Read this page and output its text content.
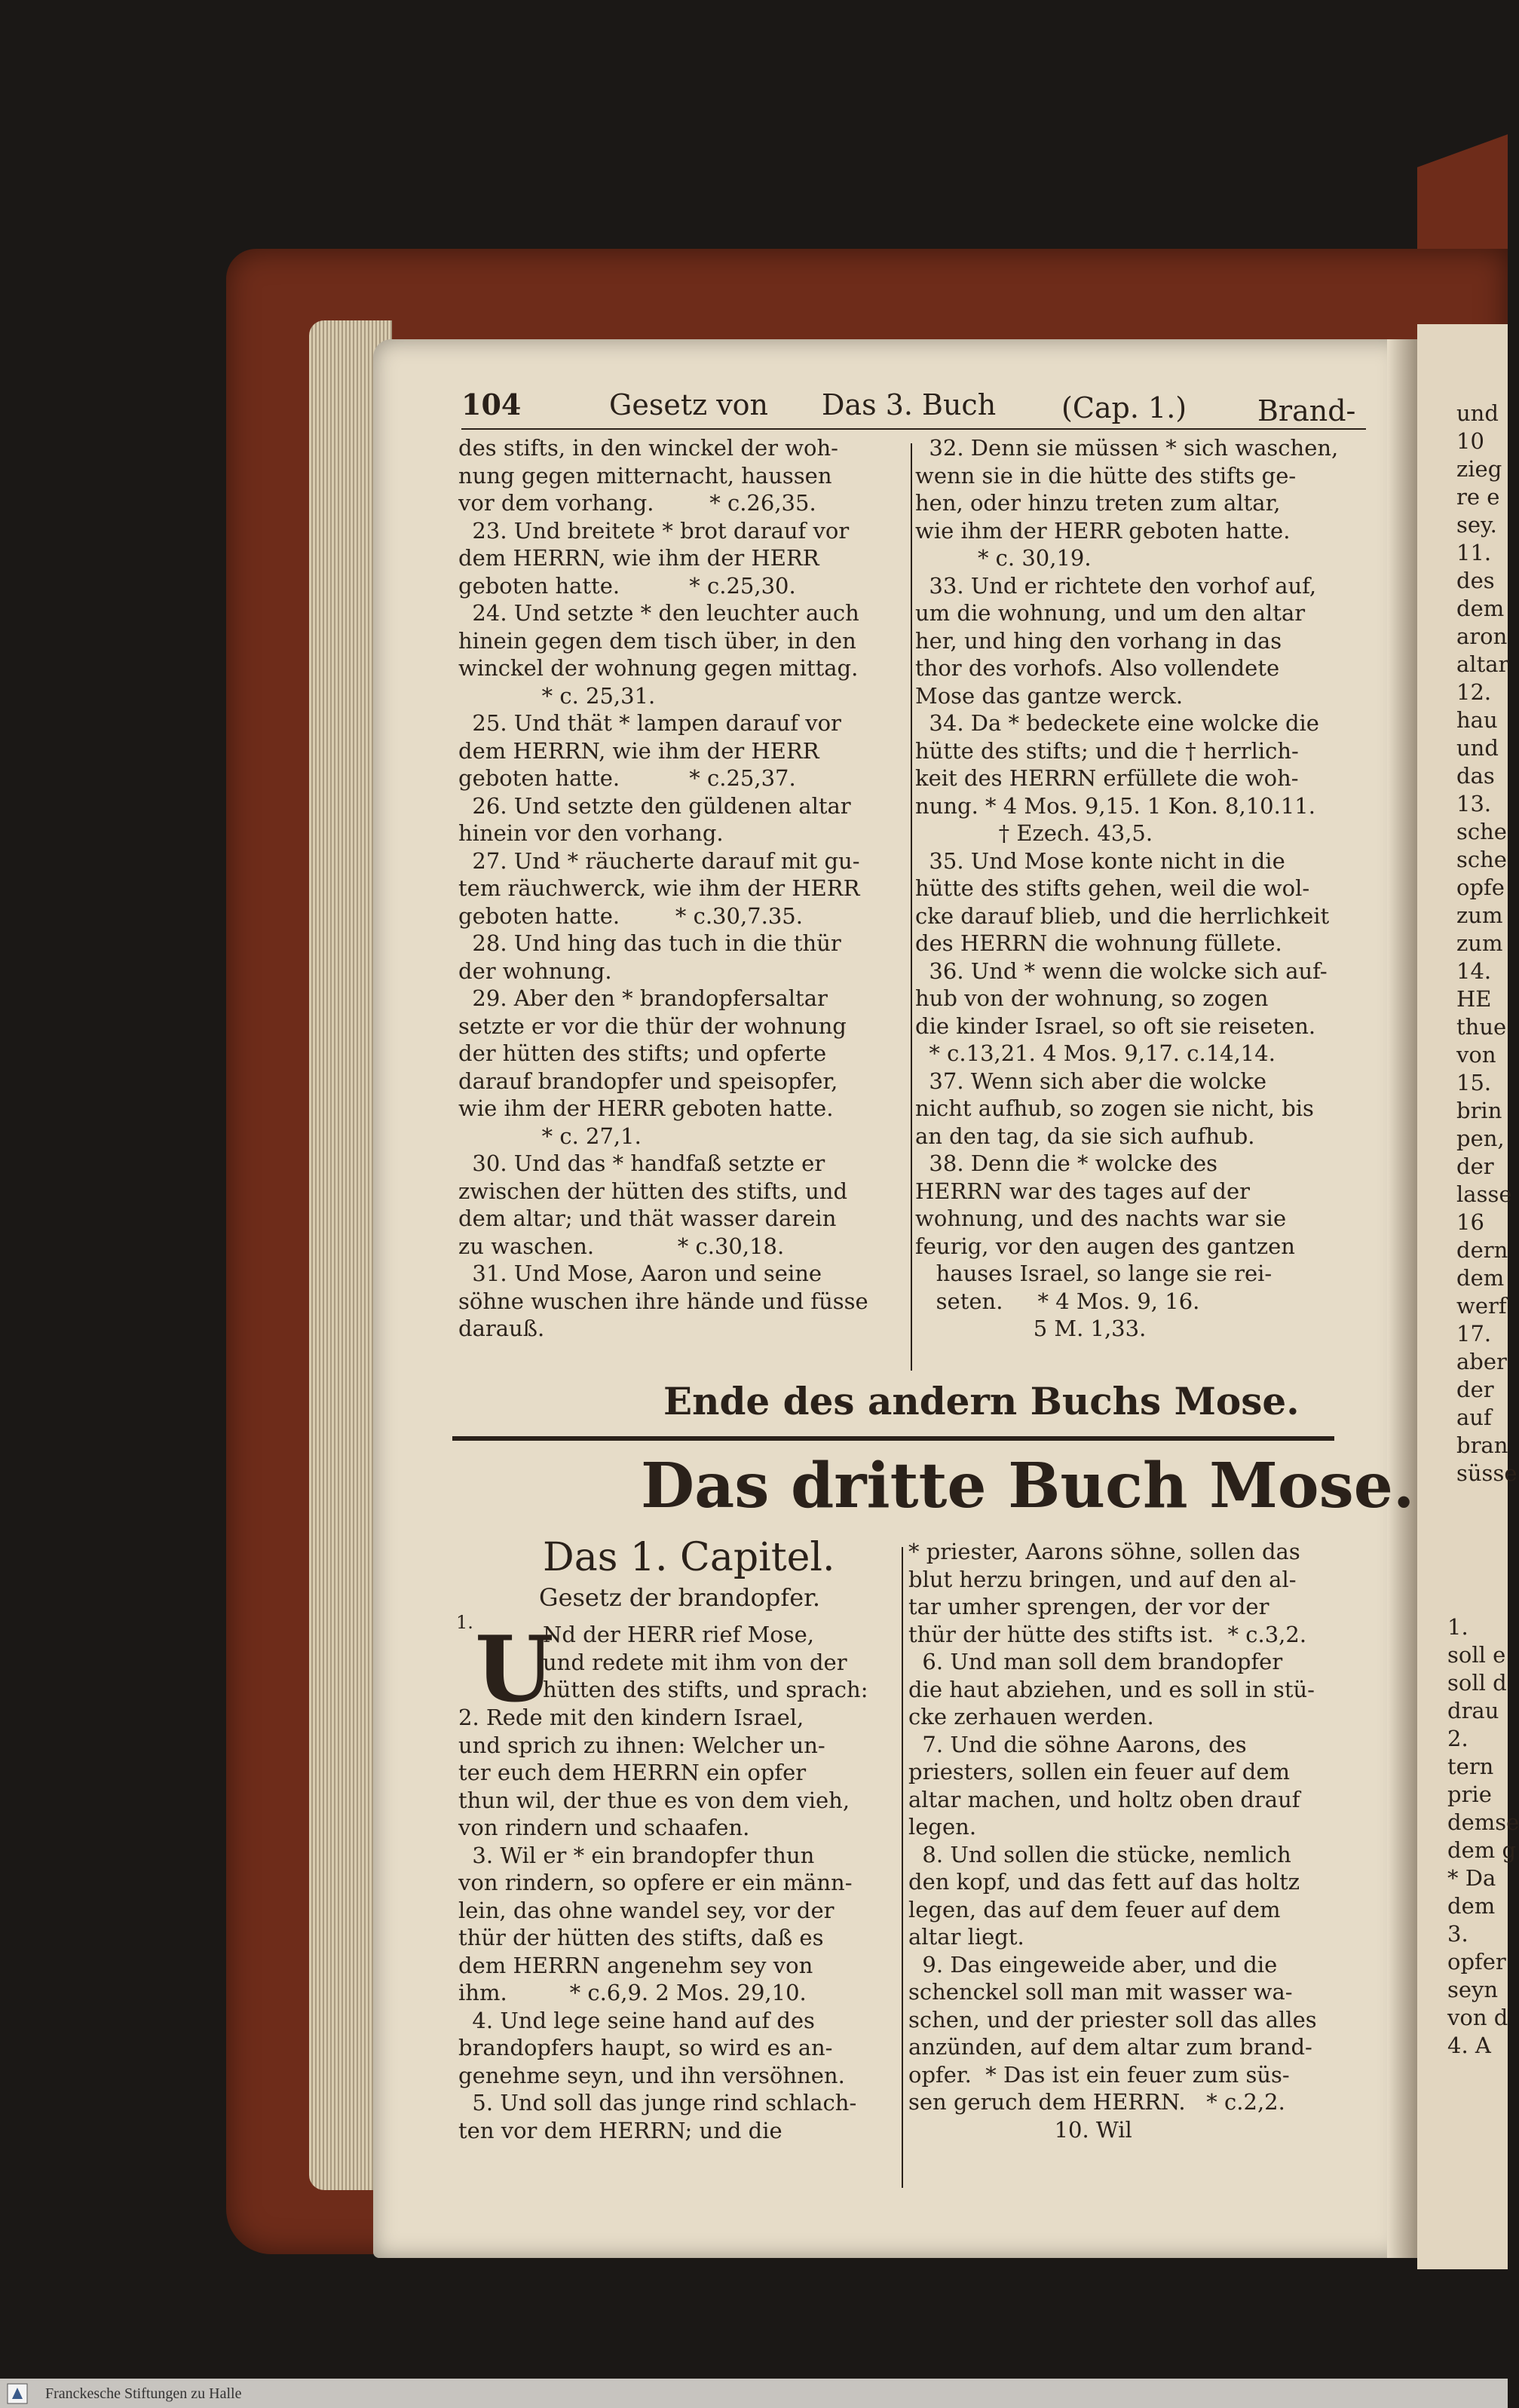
104	Gesetz von Das 3. Buch (Cap. 1.) Brand-
des stifts, in den winckel der woh-
nung gegen mitternacht, haussen
vor dem vorhang.        * c.26,35.
23. Und breitete * brot darauf vor
dem HERRN, wie ihm der HERR
geboten hatte.          * c.25,30.
24. Und setzte * den leuchter auch
hinein gegen dem tisch über, in den
winckel der wohnung gegen mittag.
* c. 25,31.
25. Und thät * lampen darauf vor
dem HERRN, wie ihm der HERR
geboten hatte.          * c.25,37.
26. Und setzte den güldenen altar
hinein vor den vorhang.
27. Und * räucherte darauf mit gu-
tem räuchwerck, wie ihm der HERR
geboten hatte.        * c.30,7.35.
28. Und hing das tuch in die thür
der wohnung.
29. Aber den * brandopfersaltar
setzte er vor die thür der wohnung
der hütten des stifts; und opferte
darauf brandopfer und speisopfer,
wie ihm der HERR geboten hatte.
* c. 27,1.
30. Und das * handfaß setzte er
zwischen der hütten des stifts, und
dem altar; und thät wasser darein
zu waschen.            * c.30,18.
31. Und Mose, Aaron und seine
söhne wuschen ihre hände und füsse
darauß.
32. Denn sie müssen * sich waschen,
wenn sie in die hütte des stifts ge-
hen, oder hinzu treten zum altar,
wie ihm der HERR geboten hatte.
* c. 30,19.
33. Und er richtete den vorhof auf,
um die wohnung, und um den altar
her, und hing den vorhang in das
thor des vorhofs. Also vollendete
Mose das gantze werck.
34. Da * bedeckete eine wolcke die
hütte des stifts; und die † herrlich-
keit des HERRN erfüllete die woh-
nung. * 4 Mos. 9,15. 1 Kon. 8,10.11.
† Ezech. 43,5.
35. Und Mose konte nicht in die
hütte des stifts gehen, weil die wol-
cke darauf blieb, und die herrlichkeit
des HERRN die wohnung füllete.
36. Und * wenn die wolcke sich auf-
hub von der wohnung, so zogen
die kinder Israel, so oft sie reiseten.
* c.13,21. 4 Mos. 9,17. c.14,14.
37. Wenn sich aber die wolcke
nicht aufhub, so zogen sie nicht, bis
an den tag, da sie sich aufhub.
38. Denn die * wolcke des
HERRN war des tages auf der
wohnung, und des nachts war sie
feurig, vor den augen des gantzen
hauses Israel, so lange sie rei-
seten.     * 4 Mos. 9, 16.
5 M. 1,33.
Ende des andern Buchs Mose.
Das dritte Buch Mose.
Das 1. Capitel.
Gesetz der brandopfer.
1. U
Nd der HERR rief Mose,
und redete mit ihm von der
hütten des stifts, und sprach:
2. Rede mit den kindern Israel,
und sprich zu ihnen: Welcher un-
ter euch dem HERRN ein opfer
thun wil, der thue es von dem vieh,
von rindern und schaafen.
3. Wil er * ein brandopfer thun
von rindern, so opfere er ein männ-
lein, das ohne wandel sey, vor der
thür der hütten des stifts, daß es
dem HERRN angenehm sey von
ihm.         * c.6,9. 2 Mos. 29,10.
4. Und lege seine hand auf des
brandopfers haupt, so wird es an-
genehme seyn, und ihn versöhnen.
5. Und soll das junge rind schlach-
ten vor dem HERRN; und die
* priester, Aarons söhne, sollen das
blut herzu bringen, und auf den al-
tar umher sprengen, der vor der
thür der hütte des stifts ist.  * c.3,2.
6. Und man soll dem brandopfer
die haut abziehen, und es soll in stü-
cke zerhauen werden.
7. Und die söhne Aarons, des
priesters, sollen ein feuer auf dem
altar machen, und holtz oben drauf
legen.
8. Und sollen die stücke, nemlich
den kopf, und das fett auf das holtz
legen, das auf dem feuer auf dem
altar liegt.
9. Das eingeweide aber, und die
schenckel soll man mit wasser wa-
schen, und der priester soll das alles
anzünden, auf dem altar zum brand-
opfer.  * Das ist ein feuer zum süs-
sen geruch dem HERRN.   * c.2,2.
10. Wil
und
10
zieg
re e
sey.
11.
des
dem
aron
altar
12.
hau
und
das
13.
sche
sche
opfe
zum
zum
14.
HE
thue
von
15.
brin
pen,
der
lasse
16
dern
dem
werf
17.
aber
der
auf
bran
süsse
1.
soll e
soll d
drau
2.
tern
prie
demse
dem g
* Da
dem
3.
opfer
seyn
von d
4. A
Franckesche Stiftungen zu Halle
